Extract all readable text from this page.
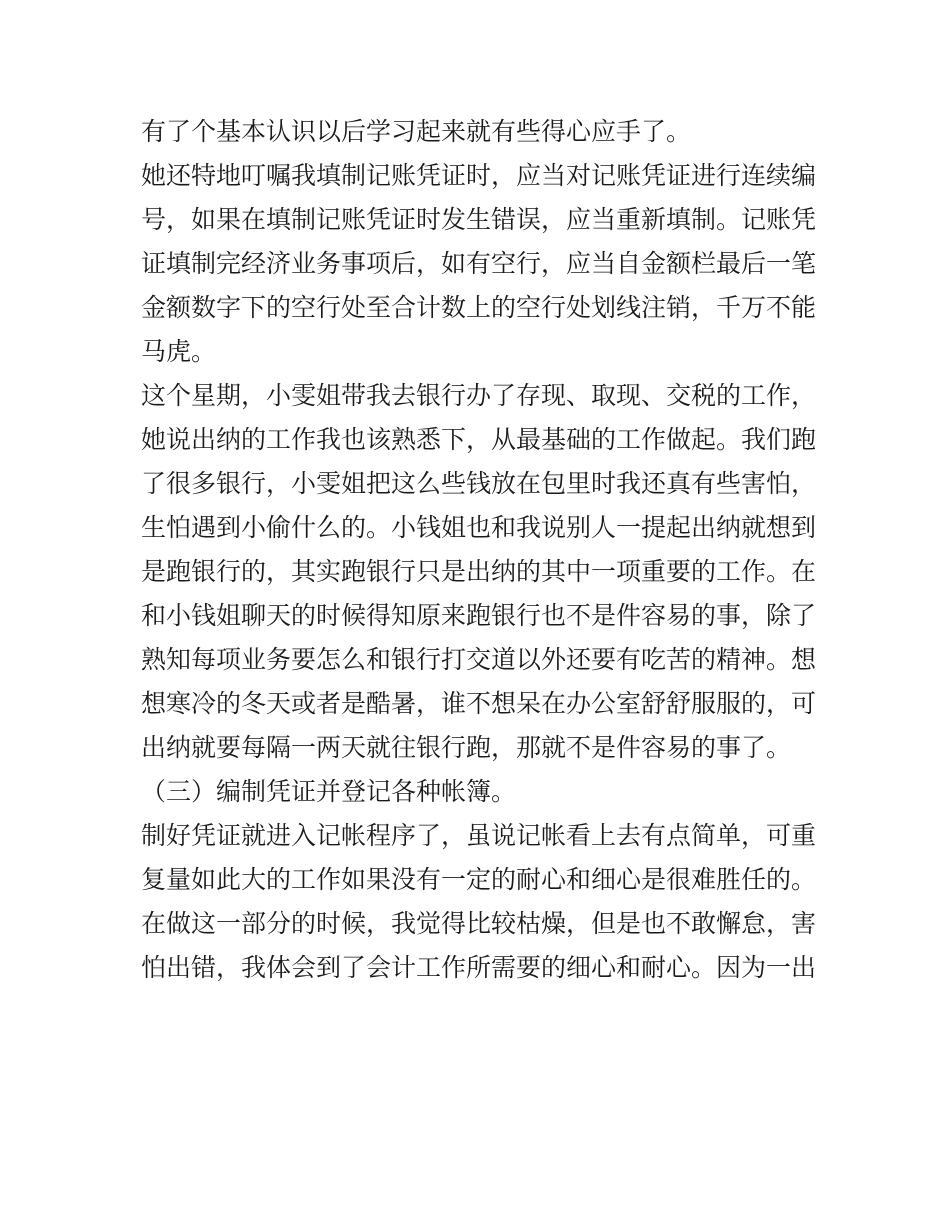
有了个基本认识以后学习起来就有些得心应手了。
她还特地叮嘱我填制记账凭证时，应当对记账凭证进行连续编
号，如果在填制记账凭证时发生错误，应当重新填制。记账凭
证填制完经济业务事项后，如有空行，应当自金额栏最后一笔
金额数字下的空行处至合计数上的空行处划线注销，千万不能
马虎。
这个星期，小雯姐带我去银行办了存现、取现、交税的工作，
她说出纳的工作我也该熟悉下，从最基础的工作做起。我们跑
了很多银行，小雯姐把这么些钱放在包里时我还真有些害怕，
生怕遇到小偷什么的。小钱姐也和我说别人一提起出纳就想到
是跑银行的，其实跑银行只是出纳的其中一项重要的工作。在
和小钱姐聊天的时候得知原来跑银行也不是件容易的事，除了
熟知每项业务要怎么和银行打交道以外还要有吃苦的精神。想
想寒冷的冬天或者是酷暑，谁不想呆在办公室舒舒服服的，可
出纳就要每隔一两天就往银行跑，那就不是件容易的事了。
（三）编制凭证并登记各种帐簿。
制好凭证就进入记帐程序了，虽说记帐看上去有点简单，可重
复量如此大的工作如果没有一定的耐心和细心是很难胜任的。
在做这一部分的时候，我觉得比较枯燥，但是也不敢懈怠，害
怕出错，我体会到了会计工作所需要的细心和耐心。因为一出
